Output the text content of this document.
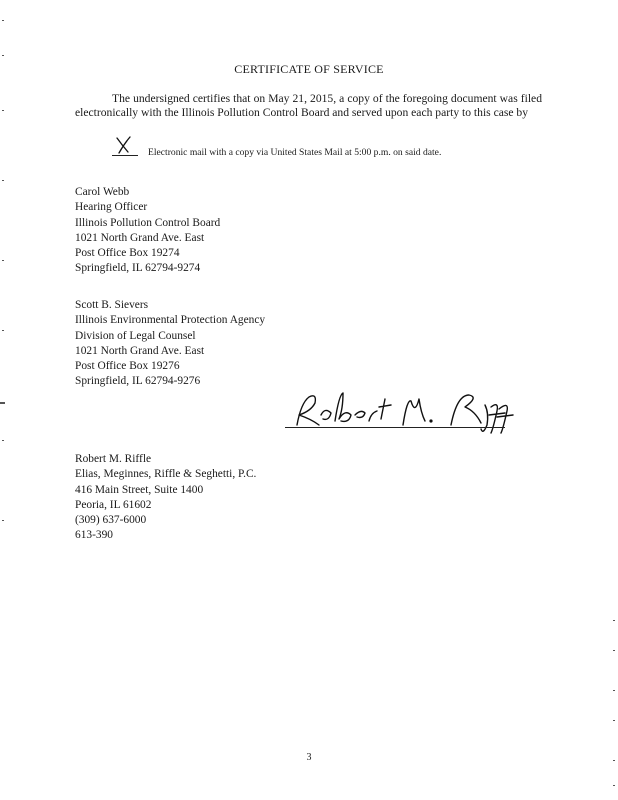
CERTIFICATE OF SERVICE
The undersigned certifies that on May 21, 2015, a copy of the foregoing document was filed electronically with the Illinois Pollution Control Board and served upon each party to this case by
Electronic mail with a copy via United States Mail at 5:00 p.m. on said date.
Carol Webb
Hearing Officer
Illinois Pollution Control Board
1021 North Grand Ave. East
Post Office Box 19274
Springfield, IL 62794-9274
Scott B. Sievers
Illinois Environmental Protection Agency
Division of Legal Counsel
1021 North Grand Ave. East
Post Office Box 19276
Springfield, IL 62794-9276
Robert M. Riffle
Elias, Meginnes, Riffle & Seghetti, P.C.
416 Main Street, Suite 1400
Peoria, IL 61602
(309) 637-6000
613-390
3
